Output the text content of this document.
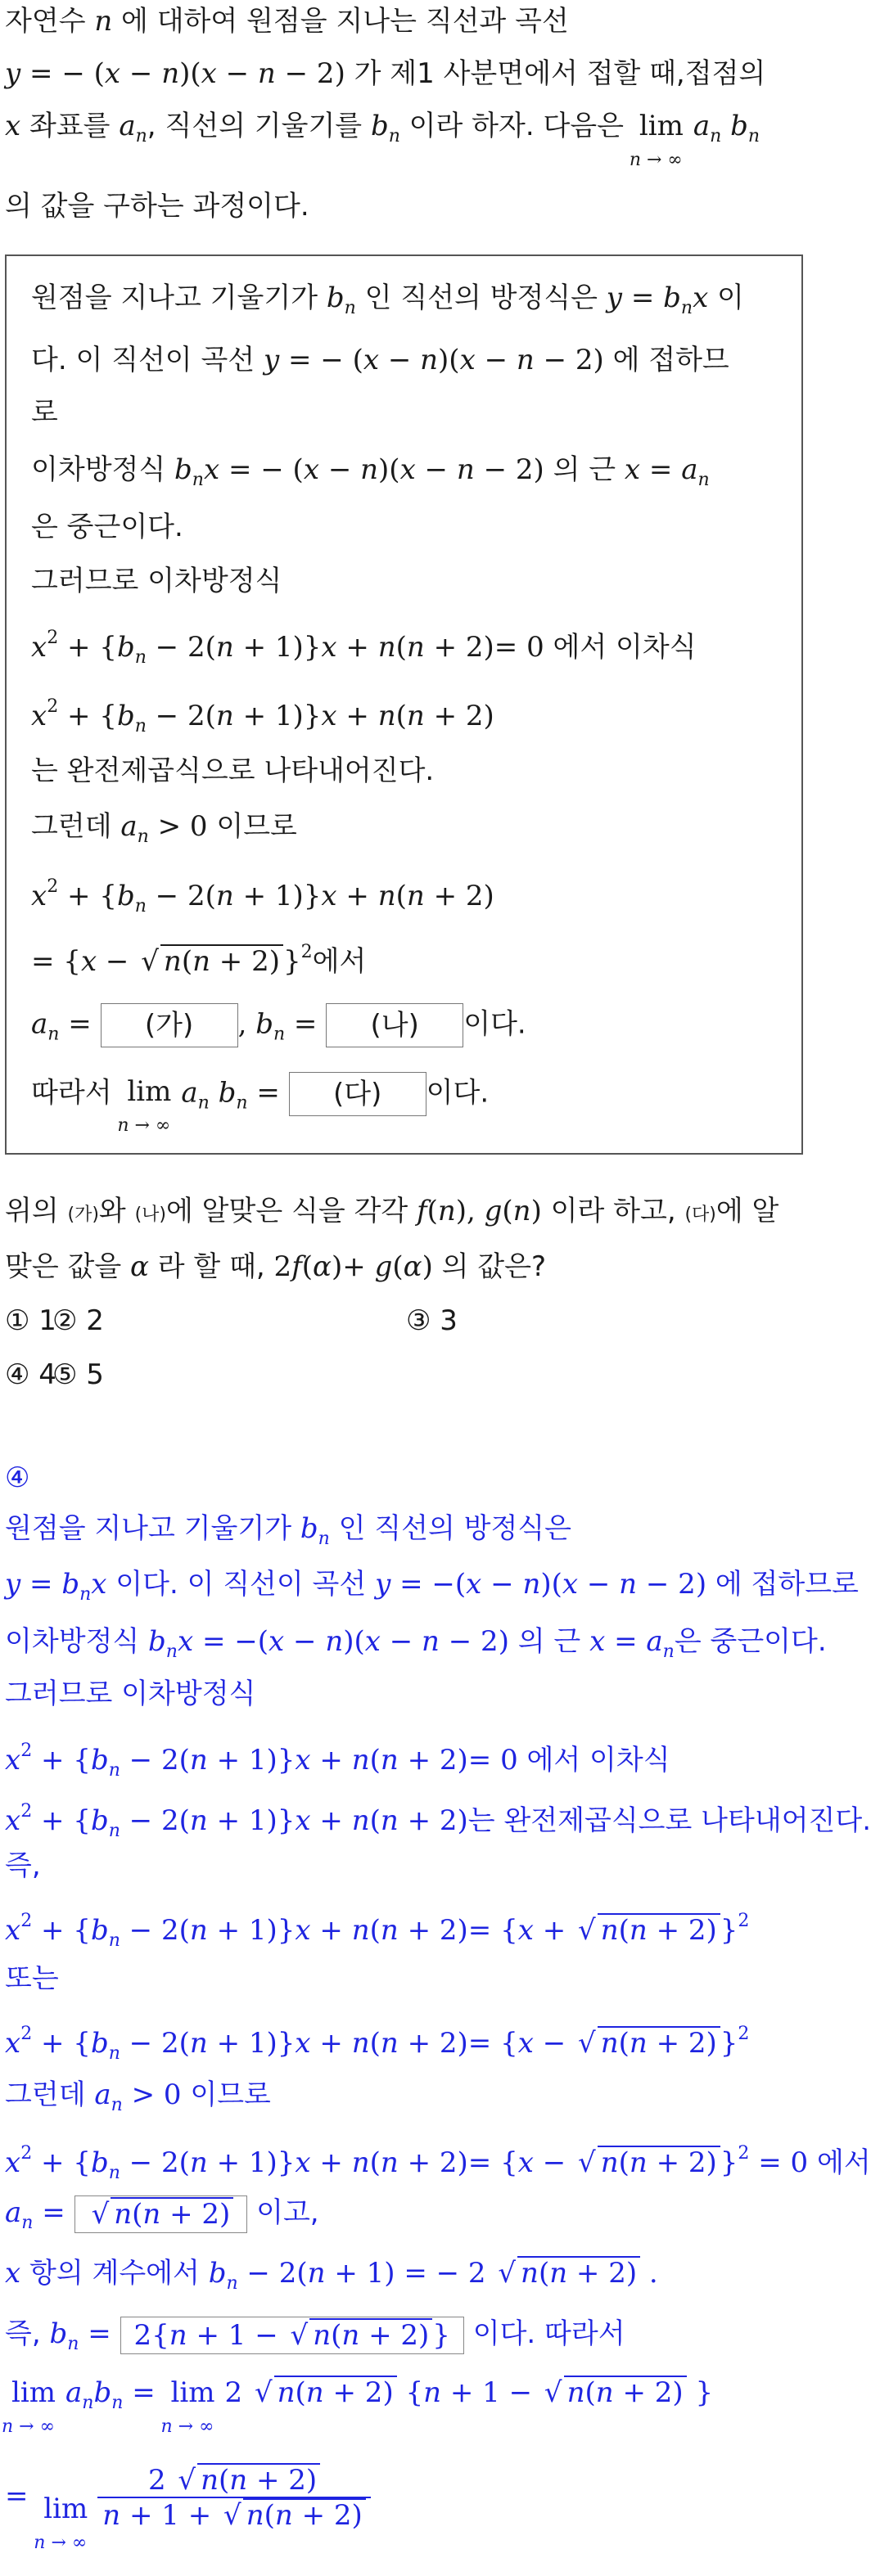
자연수 n 에 대하여 원점을 지나는 직선과 곡선
y = − (x − n)(x − n − 2) 가 제1 사분면에서 접할 때,접점의
x 좌표를 $a_n$, 직선의 기울기를 $b_n$ 이라 하자. 다음은 lim
n → ∞
$a_n$ $b_n$
의 값을 구하는 과정이다.
원점을 지나고 기울기가 $b_n$ 인 직선의 방정식은 $y = b_nx$ 이
다. 이 직선이 곡선 y = − (x − n)(x − n − 2) 에 접하므
로
이차방정식 $b_nx$ = − (x − n)(x − n − 2) 의 근 $x = a_n$
은 중근이다.
그러므로 이차방정식
$x^2 + \{b_n - 2(n + 1)\}x + n(n + 2)= 0$ 에서 이차식
$x^2 + \{b_n - 2(n + 1)\}x + n(n + 2)$
는 완전제곱식으로 나타내어진다.
그런데 $a_n > 0$ 이므로
$x^2 + \{b_n - 2(n + 1)\}x + n(n + 2)$
= {x − √ n(n + 2) }$^2$에서
$a_n$ = (가) , $b_n$ = (나) 이다.
따라서 lim
n → ∞
$a_n$ $b_n$ = (다) 이다.
위의 (가)와 (나)에 알맞은 식을 각각 f(n), g(n) 이라 하고, (다)에 알
맞은 값을 α 라 할 때, 2f(α)+ g(α) 의 값은?
① 1
② 2	③ 3
④ 4
⑤ 5
④
원점을 지나고 기울기가 $b_n$ 인 직선의 방정식은
$y = b_nx$ 이다. 이 직선이 곡선 y = −(x − n)(x − n − 2) 에 접하므로
이차방정식 $b_nx = -(x - n)(x - n - 2)$ 의 근 $x = a_n$은 중근이다.
그러므로 이차방정식
$x^2 + \{b_n - 2(n + 1)\}x + n(n + 2)= 0$ 에서 이차식
$x^2 + \{b_n - 2(n + 1)\}x + n(n + 2)$는 완전제곱식으로 나타내어진다.
즉,
$x^2 + \{b_n - 2(n + 1)\}x + n(n + 2)= \{x$ + √ n(n + 2) }$^2$
또는
$x^2 + \{b_n - 2(n + 1)\}x + n(n + 2)= \{x$ − √ n(n + 2) }$^2$
그런데 $a_n > 0$ 이므로
$x^2 + \{b_n - 2(n + 1)\}x + n(n + 2)= \{x$ − √ n(n + 2) }$^2$ = 0 에서
$a_n$ = √ n(n + 2) 이고,
x 항의 계수에서 $b_n - 2(n + 1)$ = − 2 √ n(n + 2) .
즉, $b_n = 2\{n + 1$ − √ n(n + 2) } 이다. 따라서
lim
n → ∞
$a_nb_n = \lim$
n → ∞
2 √ n(n + 2) {n + 1 − √ n(n + 2) }
= lim
n → ∞
$\frac{2 √ n(n + 2)}{n + 1 + √ n(n + 2)}$
